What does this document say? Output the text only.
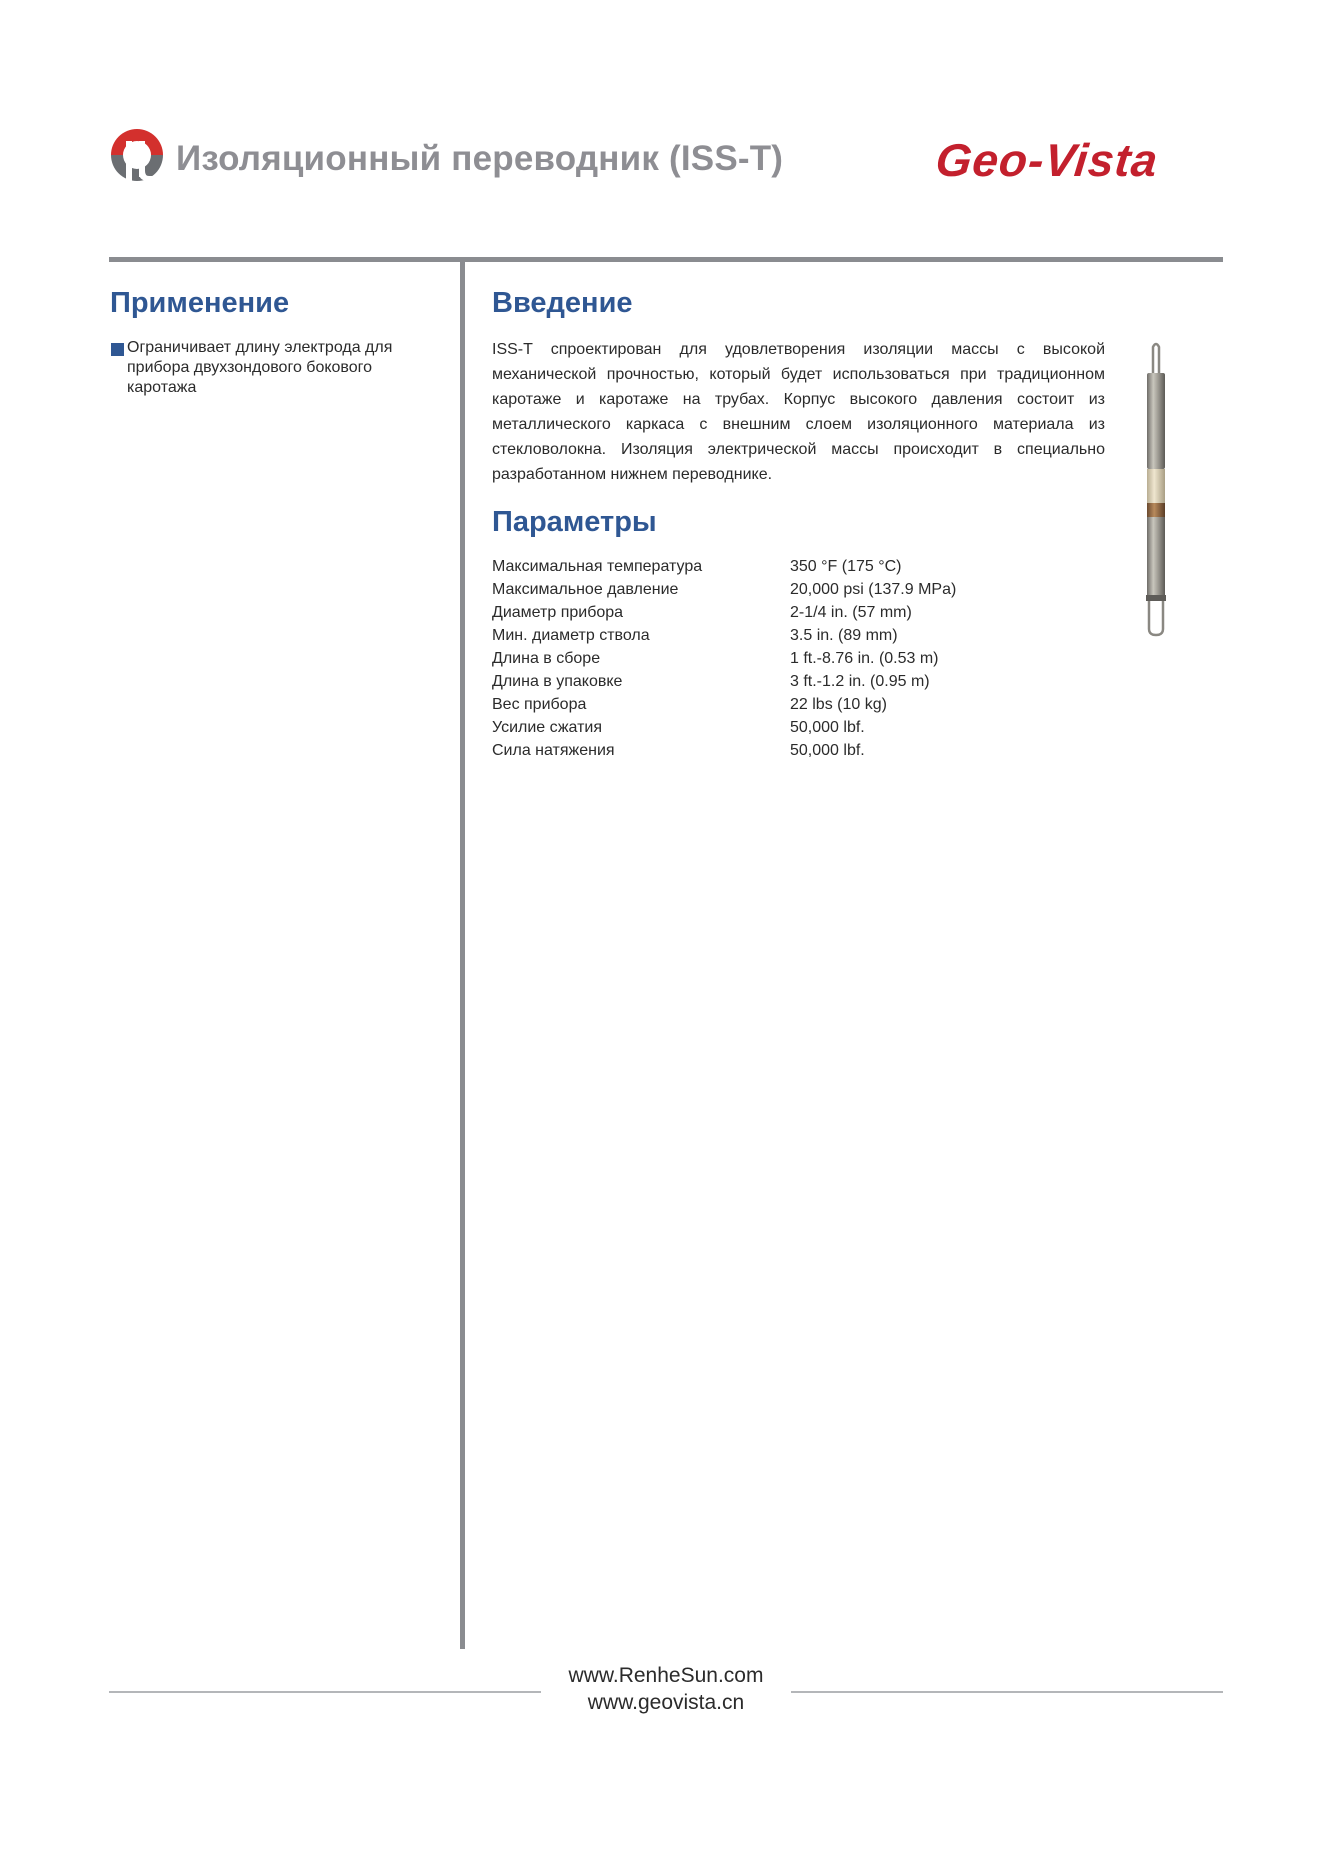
Изоляционный переводник (ISS-T)	Geo-Vista
Применение
Ограничивает длину электрода для прибора двухзондового бокового каротажа
Введение
ISS-T спроектирован для удовлетворения изоляции массы с высокой механической прочностью, который будет использоваться при традиционном каротаже и каротаже на трубах. Корпус высокого давления состоит из металлического каркаса с внешним слоем изоляционного материала из стекловолокна. Изоляция электрической массы происходит в специально разработанном нижнем переводнике.
Параметры
Максимальная температура	350 °F (175 °C)
Максимальное давление	20,000 psi (137.9 MPa)
Диаметр прибора	2-1/4 in. (57 mm)
Мин. диаметр ствола	3.5 in. (89 mm)
Длина в сборе	1 ft.-8.76 in. (0.53 m)
Длина в упаковке	3 ft.-1.2 in. (0.95 m)
Вес прибора	22 lbs (10 kg)
Усилие сжатия	50,000 lbf.
Сила натяжения	50,000 lbf.
www.RenheSun.com
www.geovista.cn
